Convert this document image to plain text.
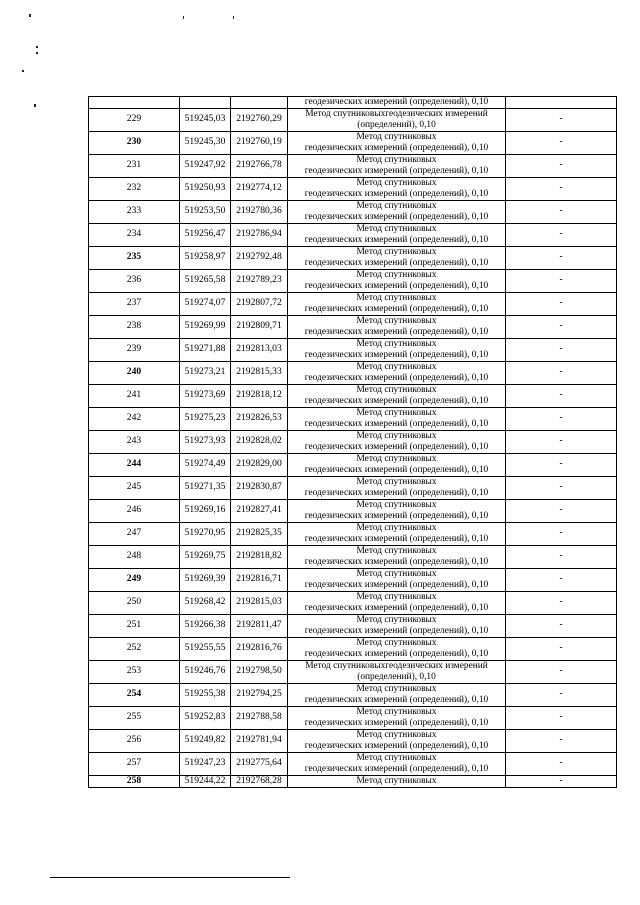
			геодезических измерений (определений), 0,10	
229	519245,03	2192760,29	Метод спутниковыхгеодезических измерений
(определений), 0,10	-
230	519245,30	2192760,19	Метод спутниковых
геодезических измерений (определений), 0,10	-
231	519247,92	2192766,78	Метод спутниковых
геодезических измерений (определений), 0,10	-
232	519250,93	2192774,12	Метод спутниковых
геодезических измерений (определений), 0,10	-
233	519253,50	2192780,36	Метод спутниковых
геодезических измерений (определений), 0,10	-
234	519256,47	2192786,94	Метод спутниковых
геодезических измерений (определений), 0,10	-
235	519258,97	2192792,48	Метод спутниковых
геодезических измерений (определений), 0,10	-
236	519265,58	2192789,23	Метод спутниковых
геодезических измерений (определений), 0,10	-
237	519274,07	2192807,72	Метод спутниковых
геодезических измерений (определений), 0,10	-
238	519269,99	2192809,71	Метод спутниковых
геодезических измерений (определений), 0,10	-
239	519271,88	2192813,03	Метод спутниковых
геодезических измерений (определений), 0,10	-
240	519273,21	2192815,33	Метод спутниковых
геодезических измерений (определений), 0,10	-
241	519273,69	2192818,12	Метод спутниковых
геодезических измерений (определений), 0,10	-
242	519275,23	2192826,53	Метод спутниковых
геодезических измерений (определений), 0,10	-
243	519273,93	2192828,02	Метод спутниковых
геодезических измерений (определений), 0,10	-
244	519274,49	2192829,00	Метод спутниковых
геодезических измерений (определений), 0,10	-
245	519271,35	2192830,87	Метод спутниковых
геодезических измерений (определений), 0,10	-
246	519269,16	2192827,41	Метод спутниковых
геодезических измерений (определений), 0,10	-
247	519270,95	2192825,35	Метод спутниковых
геодезических измерений (определений), 0,10	-
248	519269,75	2192818,82	Метод спутниковых
геодезических измерений (определений), 0,10	-
249	519269,39	2192816,71	Метод спутниковых
геодезических измерений (определений), 0,10	-
250	519268,42	2192815,03	Метод спутниковых
геодезических измерений (определений), 0,10	-
251	519266,38	2192811,47	Метод спутниковых
геодезических измерений (определений), 0,10	-
252	519255,55	2192816,76	Метод спутниковых
геодезических измерений (определений), 0,10	-
253	519246,76	2192798,50	Метод спутниковыхгеодезических измерений
(определений), 0,10	-
254	519255,38	2192794,25	Метод спутниковых
геодезических измерений (определений), 0,10	-
255	519252,83	2192788,58	Метод спутниковых
геодезических измерений (определений), 0,10	-
256	519249,82	2192781,94	Метод спутниковых
геодезических измерений (определений), 0,10	-
257	519247,23	2192775,64	Метод спутниковых
геодезических измерений (определений), 0,10	-
258	519244,22	2192768,28	Метод спутниковых	-
